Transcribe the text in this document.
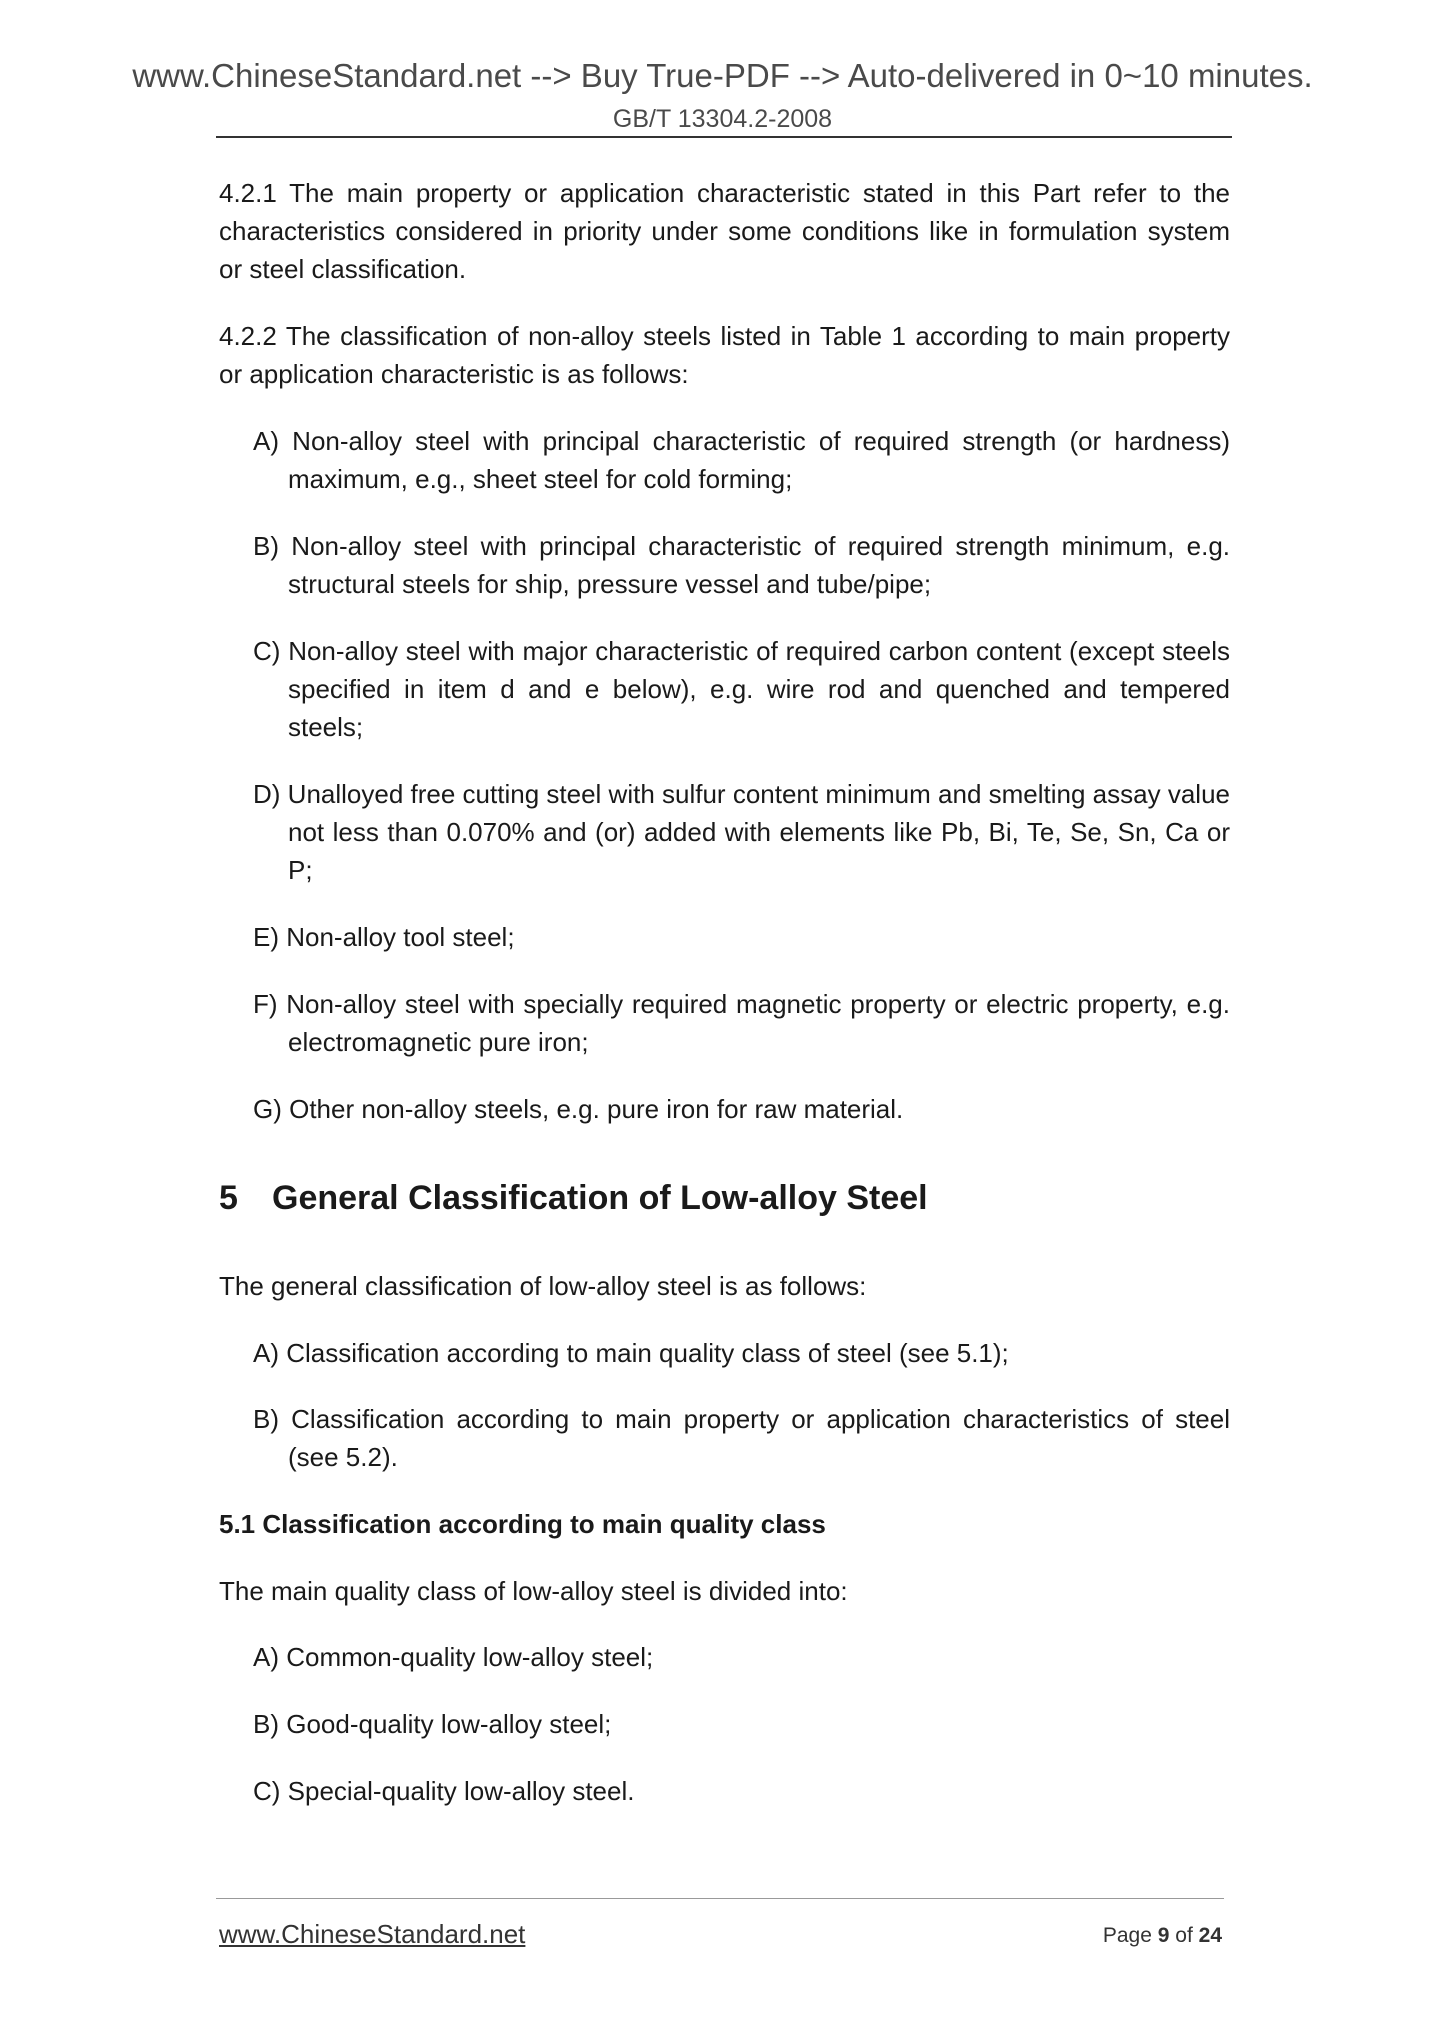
www.ChineseStandard.net --> Buy True-PDF --> Auto-delivered in 0~10 minutes.
GB/T 13304.2-2008
4.2.1 The main property or application characteristic stated in this Part refer to the characteristics considered in priority under some conditions like in formulation system or steel classification.
4.2.2 The classification of non-alloy steels listed in Table 1 according to main property or application characteristic is as follows:
A) Non-alloy steel with principal characteristic of required strength (or hardness) maximum, e.g., sheet steel for cold forming;
B) Non-alloy steel with principal characteristic of required strength minimum, e.g. structural steels for ship, pressure vessel and tube/pipe;
C) Non-alloy steel with major characteristic of required carbon content (except steels specified in item d and e below), e.g. wire rod and quenched and tempered steels;
D) Unalloyed free cutting steel with sulfur content minimum and smelting assay value not less than 0.070% and (or) added with elements like Pb, Bi, Te, Se, Sn, Ca or P;
E) Non-alloy tool steel;
F) Non-alloy steel with specially required magnetic property or electric property, e.g. electromagnetic pure iron;
G) Other non-alloy steels, e.g. pure iron for raw material.
5 General Classification of Low-alloy Steel
The general classification of low-alloy steel is as follows:
A) Classification according to main quality class of steel (see 5.1);
B) Classification according to main property or application characteristics of steel (see 5.2).
5.1 Classification according to main quality class
The main quality class of low-alloy steel is divided into:
A) Common-quality low-alloy steel;
B) Good-quality low-alloy steel;
C) Special-quality low-alloy steel.
www.ChineseStandard.net	Page 9 of 24
